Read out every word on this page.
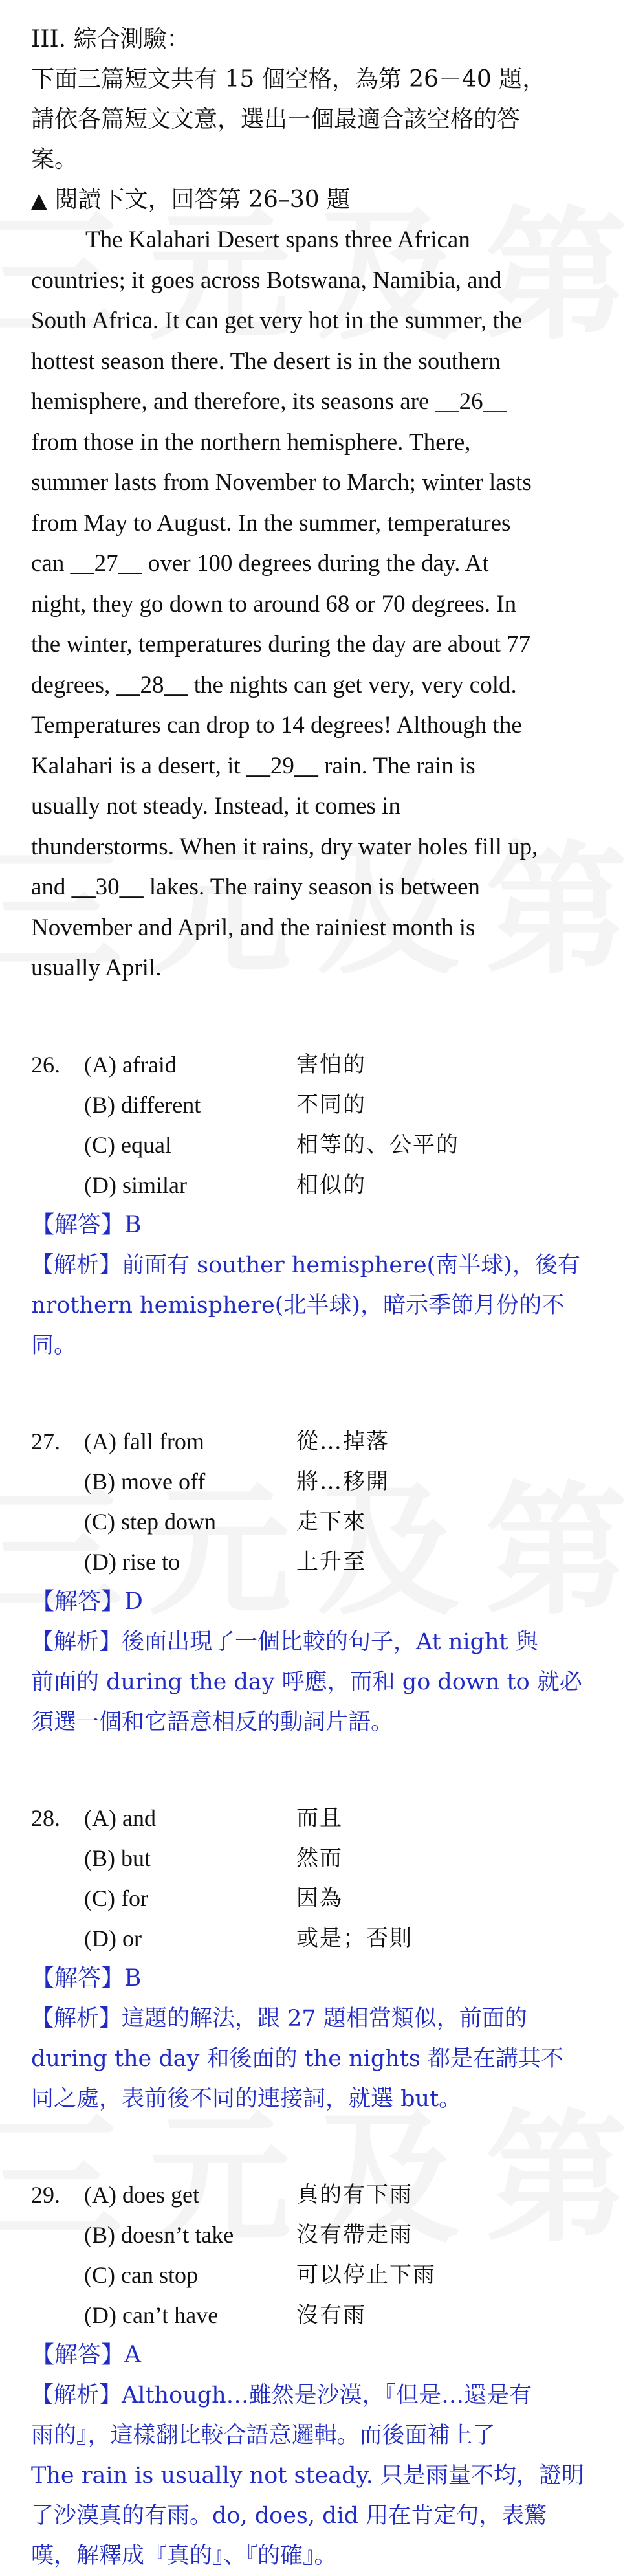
III. 綜合測驗：
下面三篇短文共有 15 個空格，為第 26－40 題，
請依各篇短文文意，選出一個最適合該空格的答
案。
▲ 閱讀下文，回答第 26–30 題
The Kalahari Desert spans three African
countries; it goes across Botswana, Namibia, and
South Africa. It can get very hot in the summer, the
hottest season there. The desert is in the southern
hemisphere, and therefore, its seasons are __26__
from those in the northern hemisphere. There,
summer lasts from November to March; winter lasts
from May to August. In the summer, temperatures
can __27__ over 100 degrees during the day. At
night, they go down to around 68 or 70 degrees. In
the winter, temperatures during the day are about 77
degrees, __28__ the nights can get very, very cold.
Temperatures can drop to 14 degrees! Although the
Kalahari is a desert, it __29__ rain. The rain is
usually not steady. Instead, it comes in
thunderstorms. When it rains, dry water holes fill up,
and __30__ lakes. The rainy season is between
November and April, and the rainiest month is
usually April.
26.	(A) afraid	害怕的
(B) different	不同的
(C) equal	相等的、公平的
(D) similar	相似的
【解答】B
【解析】前面有 souther hemisphere(南半球)，後有
nrothern hemisphere(北半球)，暗示季節月份的不
同。
27.	(A) fall from	從…掉落
(B) move off	將…移開
(C) step down	走下來
(D) rise to	上升至
【解答】D
【解析】後面出現了一個比較的句子，At night 與
前面的 during the day 呼應，而和 go down to 就必
須選一個和它語意相反的動詞片語。
28.	(A) and	而且
(B) but	然而
(C) for	因為
(D) or	或是；否則
【解答】B
【解析】這題的解法，跟 27 題相當類似，前面的
during the day 和後面的 the nights 都是在講其不
同之處，表前後不同的連接詞，就選 but。
29.	(A) does get	真的有下雨
(B) doesn’t take	沒有帶走雨
(C) can stop	可以停止下雨
(D) can’t have	沒有雨
【解答】A
【解析】Although…雖然是沙漠，『但是…還是有
雨的』，這樣翻比較合語意邏輯。而後面補上了
The rain is usually not steady. 只是雨量不均，證明
了沙漠真的有雨。do, does, did 用在肯定句，表驚
嘆，解釋成『真的』、『的確』。
